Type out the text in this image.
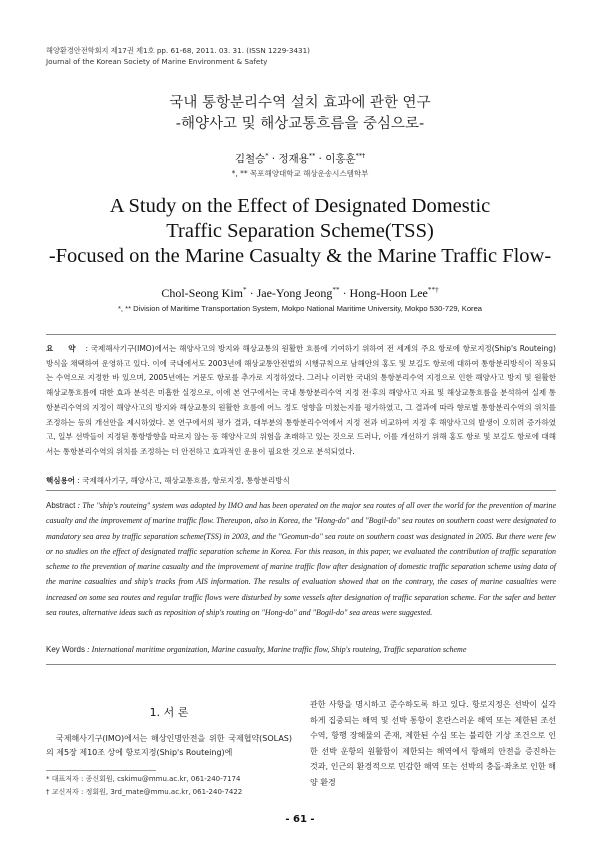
해양환경안전학회지 제17권 제1호 pp. 61-68, 2011. 03. 31. (ISSN 1229-3431)
Journal of the Korean Society of Marine Environment & Safety
국내 통항분리수역 설치 효과에 관한 연구
-해양사고 및 해상교통흐름을 중심으로-
김철승* · 정재용** · 이홍훈**†
*, ** 목포해양대학교 해상운송시스템학부
A Study on the Effect of Designated Domestic
Traffic Separation Scheme(TSS)
-Focused on the Marine Casualty & the Marine Traffic Flow-
Chol-Seong Kim* · Jae-Yong Jeong** · Hong-Hoon Lee**†
*, ** Division of Maritime Transportation System, Mokpo National Maritime University, Mokpo 530-729, Korea
요 약 : 국제해사기구(IMO)에서는 해양사고의 방지와 해상교통의 원활한 흐름에 기여하기 위하여 전 세계의 주요 항로에 항로지정(Ship's Routeing) 방식을 채택하여 운영하고 있다. 이에 국내에서도 2003년에 해상교통안전법의 시행규칙으로 남해안의 홍도 및 보길도 항로에 대하여 통항분리방식이 적용되는 수역으로 지정한 바 있으며, 2005년에는 거문도 항로를 추가로 지정하였다. 그러나 이러한 국내의 통항분리수역 지정으로 인한 해양사고 방지 및 원활한 해상교통흐름에 대한 효과 분석은 미흡한 실정으로, 이에 본 연구에서는 국내 통항분리수역 지정 전·후의 해양사고 자료 및 해상교통흐름을 분석하여 실제 통항분리수역의 지정이 해양사고의 방지와 해상교통의 원활한 흐름에 어느 정도 영향을 미쳤는지를 평가하였고, 그 결과에 따라 향로별 통항분리수역의 위치를 조정하는 등의 개선안을 제시하였다. 본 연구에서의 평가 결과, 대부분의 통항분리수역에서 지정 전과 비교하여 지정 후 해양사고의 발생이 오히려 증가하였고, 일부 선박들이 지정된 통항방향을 따르지 않는 등 해양사고의 위험을 초래하고 있는 것으로 드러나, 이를 개선하기 위해 홍도 항로 및 보길도 항로에 대해서는 통항분리수역의 위치를 조정하는 더 안전하고 효과적인 운용이 필요한 것으로 분석되었다.
핵심용어 : 국제해사기구, 해양사고, 해상교통흐름, 항로지정, 통항분리방식
Abstract : The "ship's routeing" system was adopted by IMO and has been operated on the major sea routes of all over the world for the prevention of marine casualty and the improvement of marine traffic flow. Thereupon, also in Korea, the "Hong-do" and "Bogil-do" sea routes on southern coast were designated to mandatory sea area by traffic separation scheme(TSS) in 2003, and the "Geomun-do" sea route on southern coast was designated in 2005. But there were few or no studies on the effect of designated traffic separation scheme in Korea. For this reason, in this paper, we evaluated the contribution of traffic separation scheme to the prevention of marine casualty and the improvement of marine traffic flow after designation of domestic traffic separation scheme using data of the marine casualties and ship's tracks from AIS information. The results of evaluation showed that on the contrary, the cases of marine casualties were increased on some sea routes and regular traffic flows were disturbed by some vessels after designation of traffic separation scheme. For the safer and better sea routes, alternative ideas such as reposition of ship's routing on "Hong-do" and "Bogil-do" sea areas were suggested.
Key Words : International maritime organization, Marine casualty, Marine traffic flow, Ship's routeing, Traffic separation scheme
1. 서 론
국제해사기구(IMO)에서는 해상인명안전을 위한 국제협약(SOLAS)의 제5장 제10조 상에 항로지정(Ship's Routeing)에
관한 사항을 명시하고 준수하도록 하고 있다. 항로지정은 선박이 실각하게 집중되는 해역 및 선박 통항이 혼란스러운 해역 또는 제한된 조선수역, 항행 장해물의 존재, 제한된 수심 또는 불리한 기상 조건으로 인한 선박 운항의 원활함이 제한되는 해역에서 항해의 안전을 증진하는 것과, 인근의 환경적으로 민감한 해역 또는 선박의 충돌·좌초로 인한 해양 환경
* 대표저자 : 종신회원, cskimu@mmu.ac.kr, 061-240-7174
† 교신저자 : 정회원, 3rd_mate@mmu.ac.kr, 061-240-7422
- 61 -
